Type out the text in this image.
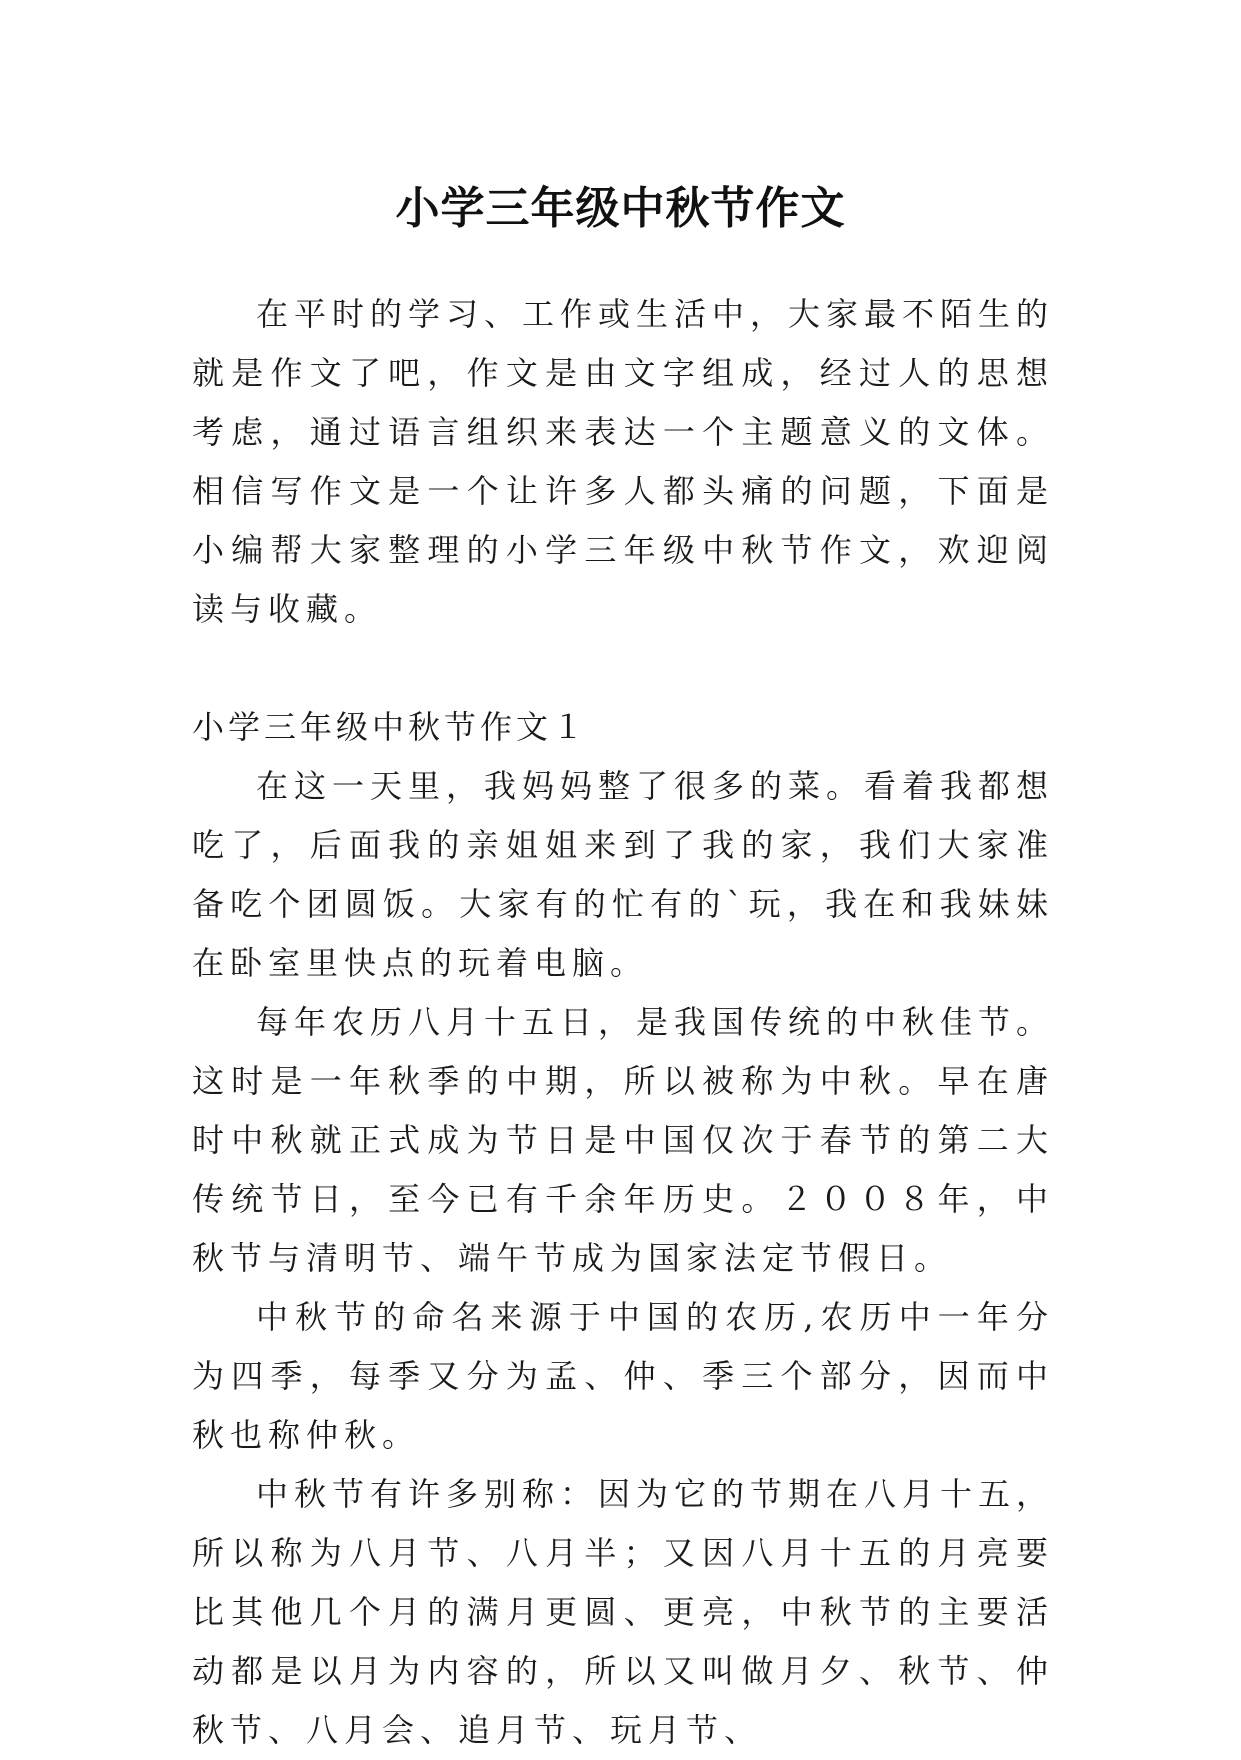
小学三年级中秋节作文

在平时的学习、工作或生活中，大家最不陌生的就是作文了吧，作文是由文字组成，经过人的思想考虑，通过语言组织来表达一个主题意义的文体。相信写作文是一个让许多人都头痛的问题，下面是小编帮大家整理的小学三年级中秋节作文，欢迎阅读与收藏。

小学三年级中秋节作文１

在这一天里，我妈妈整了很多的菜。看着我都想吃了，后面我的亲姐姐来到了我的家，我们大家准备吃个团圆饭。大家有的忙有的`玩，我在和我妹妹在卧室里快点的玩着电脑。

每年农历八月十五日，是我国传统的中秋佳节。这时是一年秋季的中期，所以被称为中秋。早在唐时中秋就正式成为节日是中国仅次于春节的第二大传统节日，至今已有千余年历史。２００８年，中秋节与清明节、端午节成为国家法定节假日。

中秋节的命名来源于中国的农历,农历中一年分为四季，每季又分为孟、仲、季三个部分，因而中秋也称仲秋。

中秋节有许多别称：因为它的节期在八月十五，所以称为八月节、八月半；又因八月十五的月亮要比其他几个月的满月更圆、更亮，中秋节的主要活动都是以月为内容的，所以又叫做月夕、秋节、仲秋节、八月会、追月节、玩月节、
